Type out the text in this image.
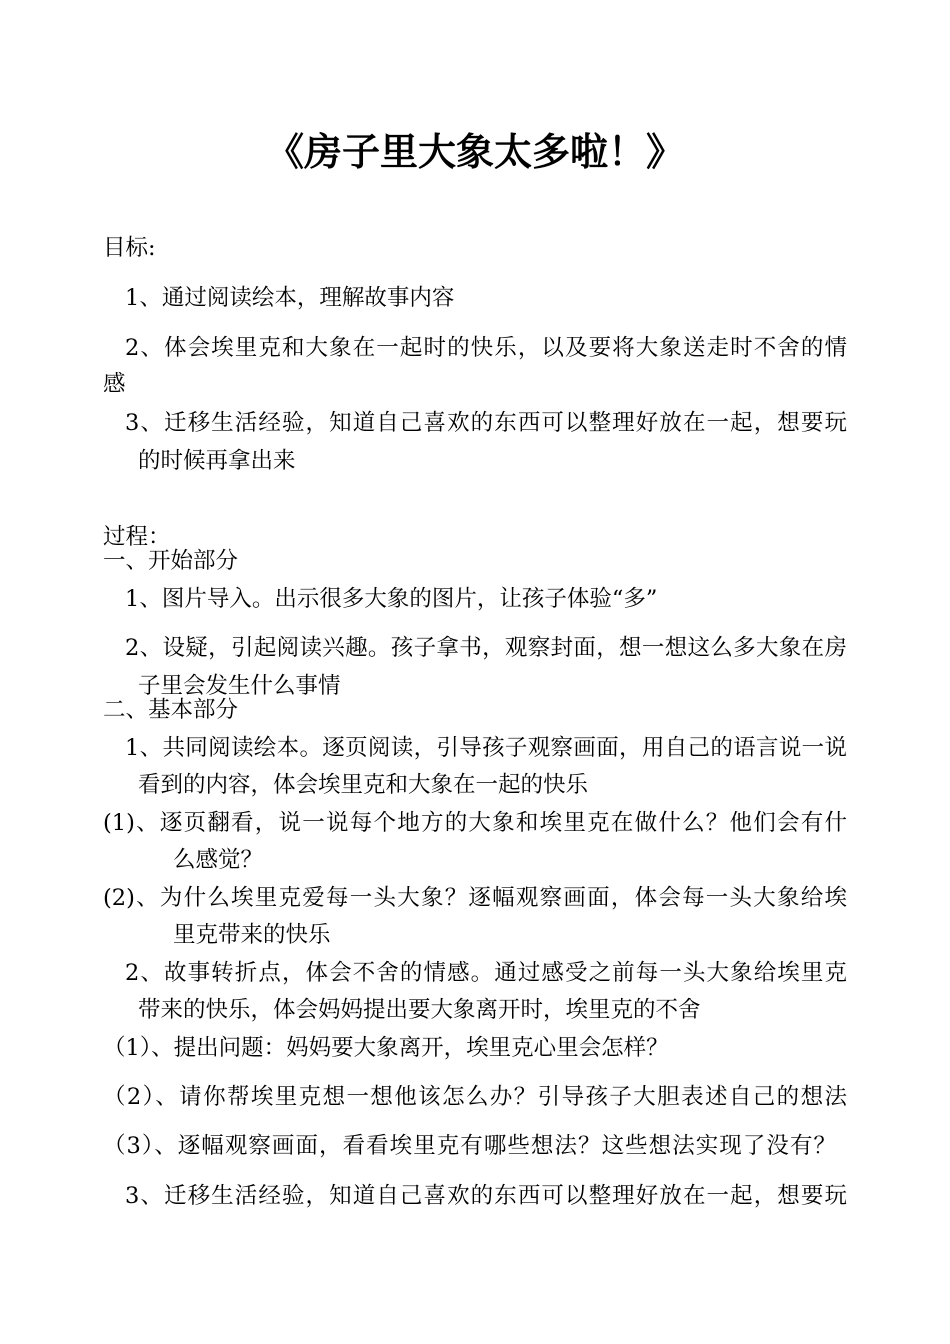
《房子里大象太多啦！》
目标:
1、通过阅读绘本，理解故事内容
2、体会埃里克和大象在一起时的快乐，以及要将大象送走时不舍的情
感
3、迁移生活经验，知道自己喜欢的东西可以整理好放在一起，想要玩
的时候再拿出来
过程：
一、开始部分
1、图片导入。出示很多大象的图片，让孩子体验“多”
2、设疑，引起阅读兴趣。孩子拿书，观察封面，想一想这么多大象在房
子里会发生什么事情
二、基本部分
1、共同阅读绘本。逐页阅读，引导孩子观察画面，用自己的语言说一说
看到的内容，体会埃里克和大象在一起的快乐
(1)、逐页翻看，说一说每个地方的大象和埃里克在做什么？他们会有什
么感觉？
(2)、为什么埃里克爱每一头大象？逐幅观察画面，体会每一头大象给埃
里克带来的快乐
2、故事转折点，体会不舍的情感。通过感受之前每一头大象给埃里克
带来的快乐，体会妈妈提出要大象离开时，埃里克的不舍
（1）、提出问题：妈妈要大象离开，埃里克心里会怎样？
（2）、请你帮埃里克想一想他该怎么办？引导孩子大胆表述自己的想法
（3）、逐幅观察画面，看看埃里克有哪些想法？这些想法实现了没有？
3、迁移生活经验，知道自己喜欢的东西可以整理好放在一起，想要玩
